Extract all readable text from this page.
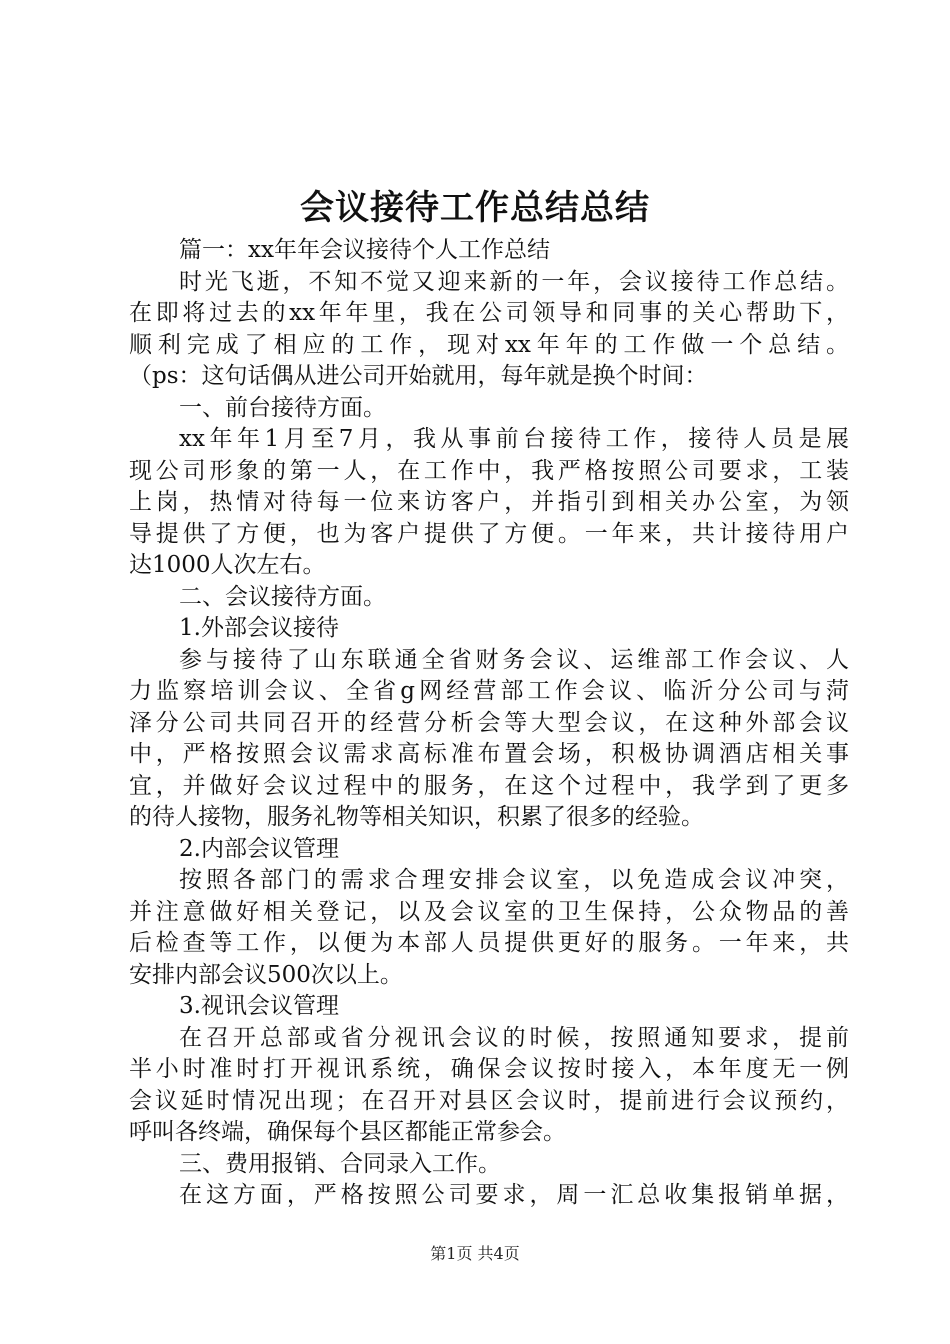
会议接待工作总结总结
篇一：xx年年会议接待个人工作总结
时光飞逝，不知不觉又迎来新的一年，会议接待工作总结。
在即将过去的xx年年里，我在公司领导和同事的关心帮助下，
顺利完成了相应的工作，现对xx年年的工作做一个总结。
（ps：这句话偶从进公司开始就用，每年就是换个时间：
一、前台接待方面。
xx年年1月至7月，我从事前台接待工作，接待人员是展
现公司形象的第一人，在工作中，我严格按照公司要求，工装
上岗，热情对待每一位来访客户，并指引到相关办公室，为领
导提供了方便，也为客户提供了方便。一年来，共计接待用户
达1000人次左右。
二、会议接待方面。
1.外部会议接待
参与接待了山东联通全省财务会议、运维部工作会议、人
力监察培训会议、全省g网经营部工作会议、临沂分公司与菏
泽分公司共同召开的经营分析会等大型会议，在这种外部会议
中，严格按照会议需求高标准布置会场，积极协调酒店相关事
宜，并做好会议过程中的服务，在这个过程中，我学到了更多
的待人接物，服务礼物等相关知识，积累了很多的经验。
2.内部会议管理
按照各部门的需求合理安排会议室，以免造成会议冲突，
并注意做好相关登记，以及会议室的卫生保持，公众物品的善
后检查等工作，以便为本部人员提供更好的服务。一年来，共
安排内部会议500次以上。
3.视讯会议管理
在召开总部或省分视讯会议的时候，按照通知要求，提前
半小时准时打开视讯系统，确保会议按时接入，本年度无一例
会议延时情况出现；在召开对县区会议时，提前进行会议预约，
呼叫各终端，确保每个县区都能正常参会。
三、费用报销、合同录入工作。
在这方面，严格按照公司要求，周一汇总收集报销单据，
第1页 共4页
